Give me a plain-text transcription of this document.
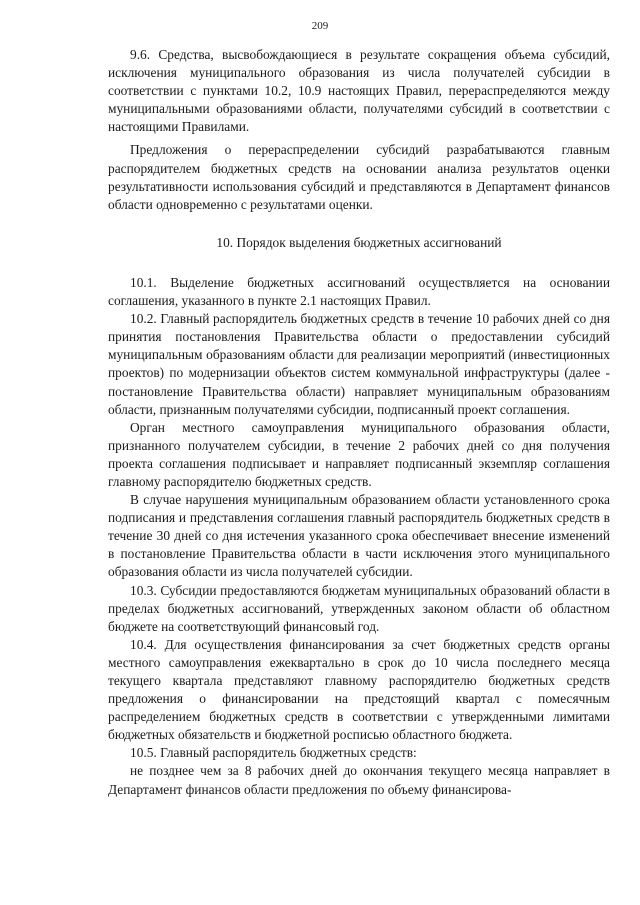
209

9.6. Средства, высвобождающиеся в результате сокращения объема субсидий, исключения муниципального образования из числа получателей субсидии в соответствии с пунктами 10.2, 10.9 настоящих Правил, перераспределяются между муниципальными образованиями области, получателями субсидий в соответствии с настоящими Правилами.

Предложения о перераспределении субсидий разрабатываются главным распорядителем бюджетных средств на основании анализа результатов оценки результативности использования субсидий и представляются в Департамент финансов области одновременно с результатами оценки.

10. Порядок выделения бюджетных ассигнований

10.1. Выделение бюджетных ассигнований осуществляется на основании соглашения, указанного в пункте 2.1 настоящих Правил.

10.2. Главный распорядитель бюджетных средств в течение 10 рабочих дней со дня принятия постановления Правительства области о предоставлении субсидий муниципальным образованиям области для реализации мероприятий (инвестиционных проектов) по модернизации объектов систем коммунальной инфраструктуры (далее - постановление Правительства области) направляет муниципальным образованиям области, признанным получателями субсидии, подписанный проект соглашения.

Орган местного самоуправления муниципального образования области, признанного получателем субсидии, в течение 2 рабочих дней со дня получения проекта соглашения подписывает и направляет подписанный экземпляр соглашения главному распорядителю бюджетных средств.

В случае нарушения муниципальным образованием области установленного срока подписания и представления соглашения главный распорядитель бюджетных средств в течение 30 дней со дня истечения указанного срока обеспечивает внесение изменений в постановление Правительства области в части исключения этого муниципального образования области из числа получателей субсидии.

10.3. Субсидии предоставляются бюджетам муниципальных образований области в пределах бюджетных ассигнований, утвержденных законом области об областном бюджете на соответствующий финансовый год.

10.4. Для осуществления финансирования за счет бюджетных средств органы местного самоуправления ежеквартально в срок до 10 числа последнего месяца текущего квартала представляют главному распорядителю бюджетных средств предложения о финансировании на предстоящий квартал с помесячным распределением бюджетных средств в соответствии с утвержденными лимитами бюджетных обязательств и бюджетной росписью областного бюджета.

10.5. Главный распорядитель бюджетных средств:

не позднее чем за 8 рабочих дней до окончания текущего месяца направляет в Департамент финансов области предложения по объему финансирова-
